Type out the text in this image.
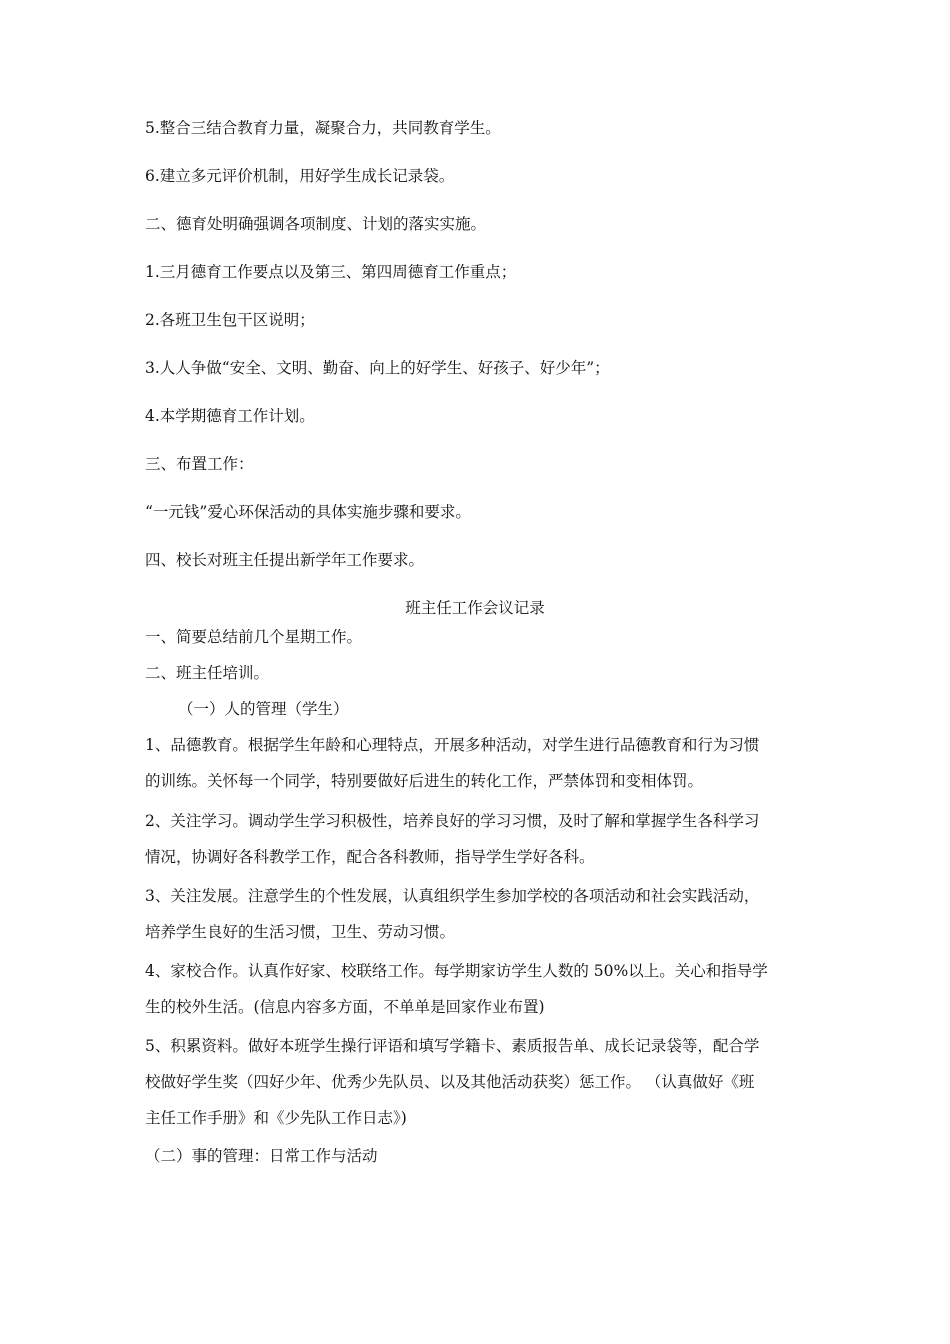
5.整合三结合教育力量，凝聚合力，共同教育学生。
6.建立多元评价机制，用好学生成长记录袋。
二、德育处明确强调各项制度、计划的落实实施。
1.三月德育工作要点以及第三、第四周德育工作重点；
2.各班卫生包干区说明；
3.人人争做“安全、文明、勤奋、向上的好学生、好孩子、好少年”；
4.本学期德育工作计划。
三、布置工作：
“一元钱”爱心环保活动的具体实施步骤和要求。
四、校长对班主任提出新学年工作要求。
班主任工作会议记录
一、简要总结前几个星期工作。
二、班主任培训。
（一）人的管理（学生）
1、品德教育。根据学生年龄和心理特点，开展多种活动，对学生进行品德教育和行为习惯
的训练。关怀每一个同学，特别要做好后进生的转化工作，严禁体罚和变相体罚。
2、关注学习。调动学生学习积极性，培养良好的学习习惯，及时了解和掌握学生各科学习
情况，协调好各科教学工作，配合各科教师，指导学生学好各科。
3、关注发展。注意学生的个性发展，认真组织学生参加学校的各项活动和社会实践活动，
培养学生良好的生活习惯，卫生、劳动习惯。
4、家校合作。认真作好家、校联络工作。每学期家访学生人数的 50%以上。关心和指导学
生的校外生活。(信息内容多方面，不单单是回家作业布置)
5、积累资料。做好本班学生操行评语和填写学籍卡、素质报告单、成长记录袋等，配合学
校做好学生奖（四好少年、优秀少先队员、以及其他活动获奖）惩工作。 （认真做好《班
主任工作手册》和《少先队工作日志》)
（二）事的管理：日常工作与活动
